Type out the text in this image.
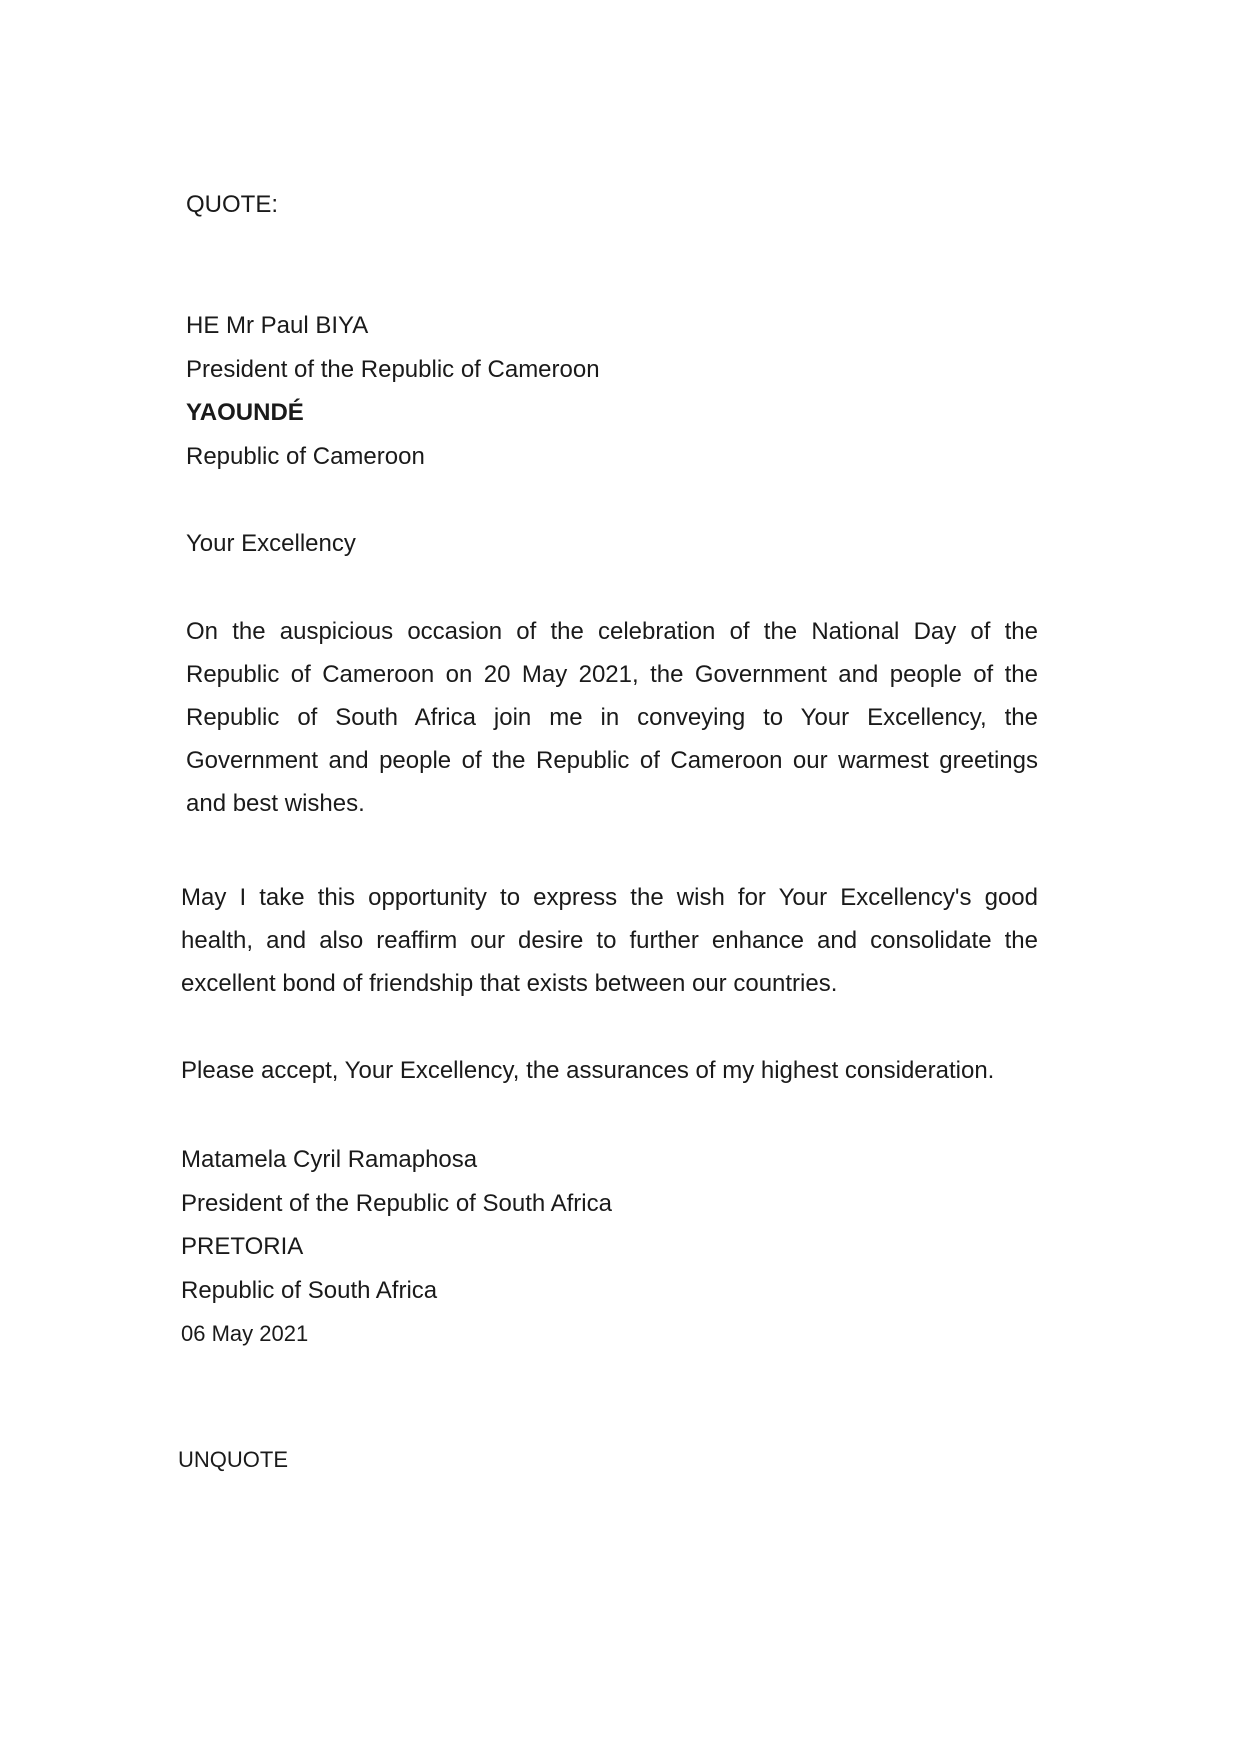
QUOTE:

HE Mr Paul BIYA

President of the Republic of Cameroon

YAOUNDÉ

Republic of Cameroon

Your Excellency

On the auspicious occasion of the celebration of the National Day of the Republic of Cameroon on 20 May 2021, the Government and people of the Republic of South Africa join me in conveying to Your Excellency, the Government and people of the Republic of Cameroon our warmest greetings and best wishes.

May I take this opportunity to express the wish for Your Excellency's good health, and also reaffirm our desire to further enhance and consolidate the excellent bond of friendship that exists between our countries.

Please accept, Your Excellency, the assurances of my highest consideration.

Matamela Cyril Ramaphosa

President of the Republic of South Africa

PRETORIA

Republic of South Africa

06 May 2021

UNQUOTE
